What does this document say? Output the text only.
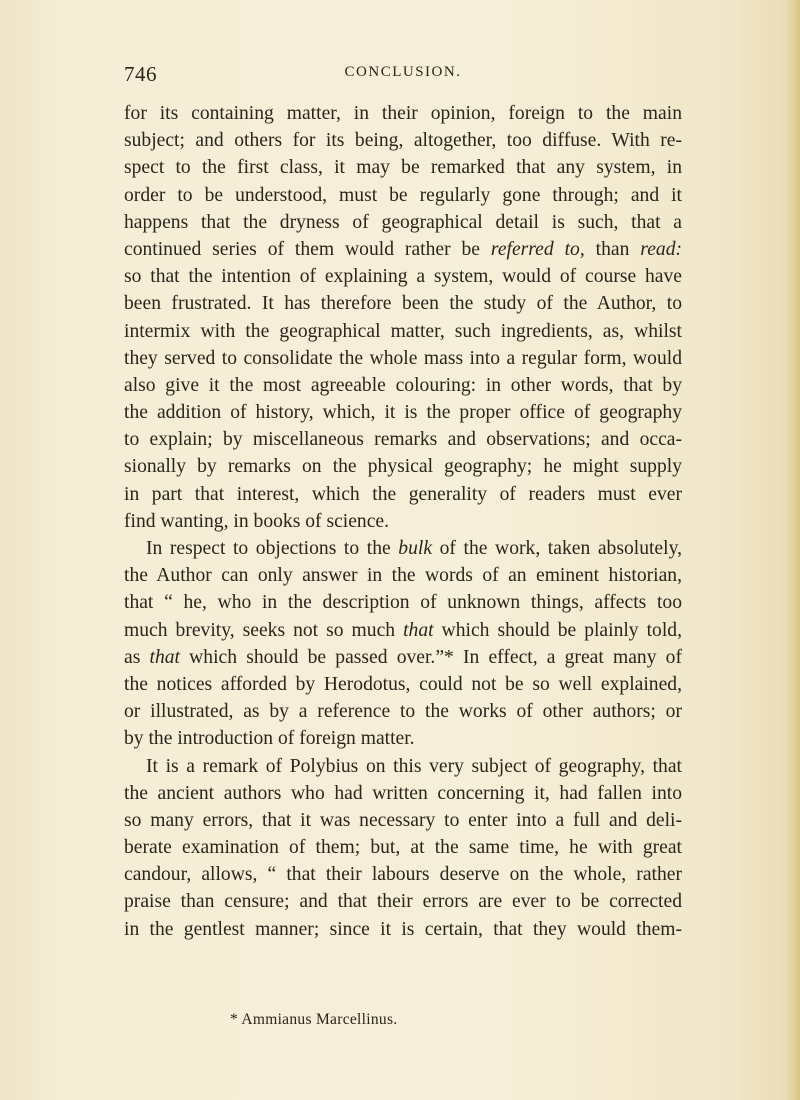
746	CONCLUSION.
for its containing matter, in their opinion, foreign to the main
subject; and others for its being, altogether, too diffuse. With re-
spect to the first class, it may be remarked that any system, in
order to be understood, must be regularly gone through; and it
happens that the dryness of geographical detail is such, that a
continued series of them would rather be referred to, than read:
so that the intention of explaining a system, would of course have
been frustrated. It has therefore been the study of the Author, to
intermix with the geographical matter, such ingredients, as, whilst
they served to consolidate the whole mass into a regular form, would
also give it the most agreeable colouring: in other words, that by
the addition of history, which, it is the proper office of geography
to explain; by miscellaneous remarks and observations; and occa-
sionally by remarks on the physical geography; he might supply
in part that interest, which the generality of readers must ever
find wanting, in books of science.
In respect to objections to the bulk of the work, taken absolutely,
the Author can only answer in the words of an eminent historian,
that “ he, who in the description of unknown things, affects too
much brevity, seeks not so much that which should be plainly told,
as that which should be passed over.”* In effect, a great many of
the notices afforded by Herodotus, could not be so well explained,
or illustrated, as by a reference to the works of other authors; or
by the introduction of foreign matter.
It is a remark of Polybius on this very subject of geography, that
the ancient authors who had written concerning it, had fallen into
so many errors, that it was necessary to enter into a full and deli-
berate examination of them; but, at the same time, he with great
candour, allows, “ that their labours deserve on the whole, rather
praise than censure; and that their errors are ever to be corrected
in the gentlest manner; since it is certain, that they would them-
* Ammianus Marcellinus.
